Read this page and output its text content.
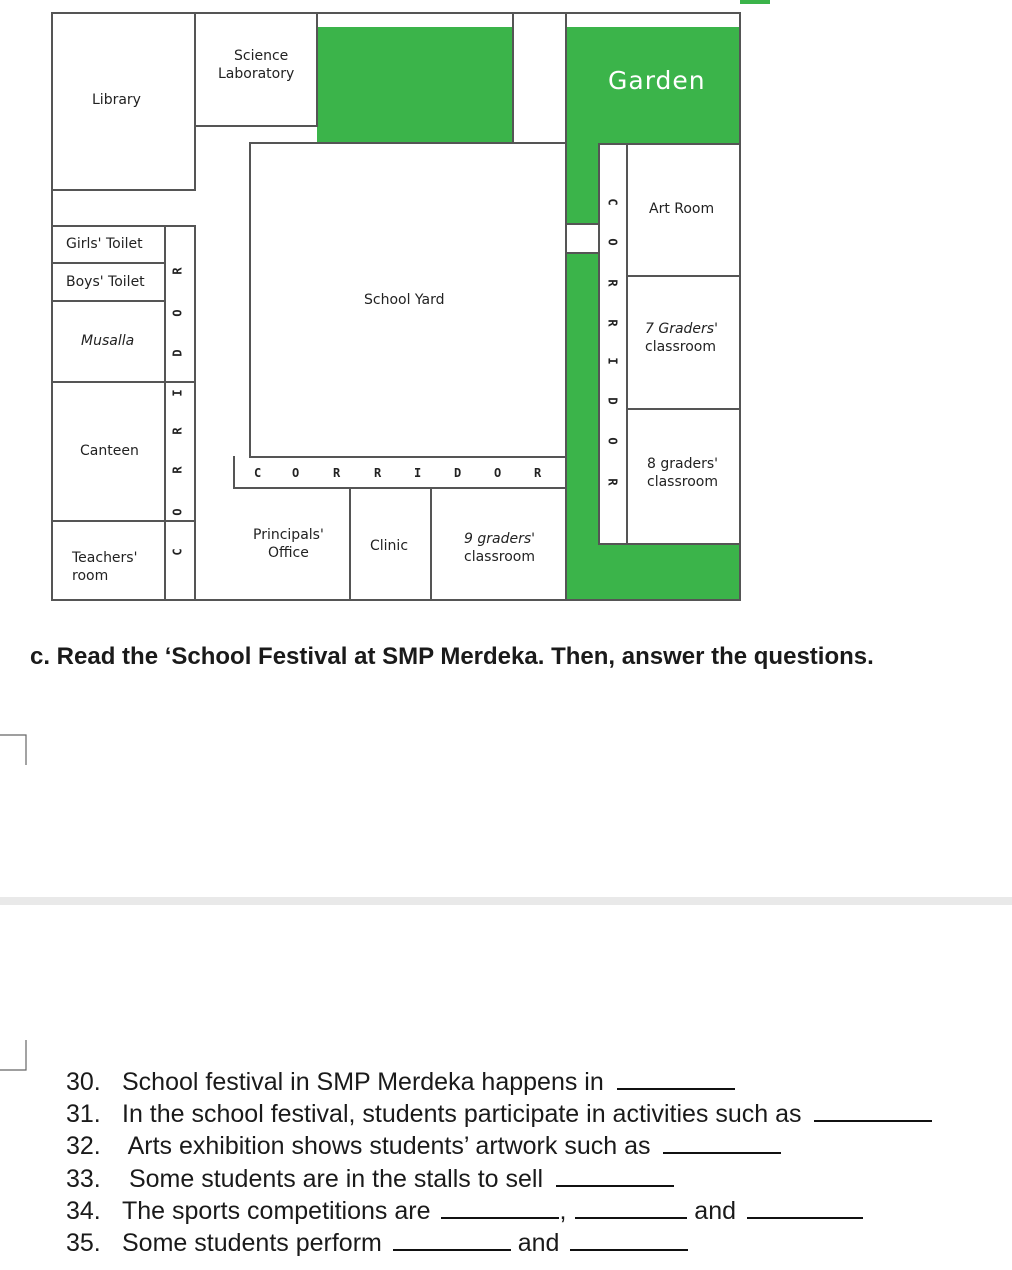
Library
Science
Laboratory	Garden
Art Room
Girls' Toilet
Boys' Toilet
Musalla
School Yard
7 Graders'
classroom
Canteen
8 graders'
classroom
Principals'
Office	Clinic	9 graders'
classroom
Teachers'
room
C
O
R
R
I
D
O
R
C	O	R	R	I	D	O	R
C
O
R
R
I
D
O
R
c. Read the ‘School Festival at SMP Merdeka. Then, answer the questions.
30. School festival in SMP Merdeka happens in
31. In the school festival, students participate in activities such as
32. Arts exhibition shows students’ artwork such as
33. Some students are in the stalls to sell
34. The sports competitions are	,	and
35. Some students perform	and
